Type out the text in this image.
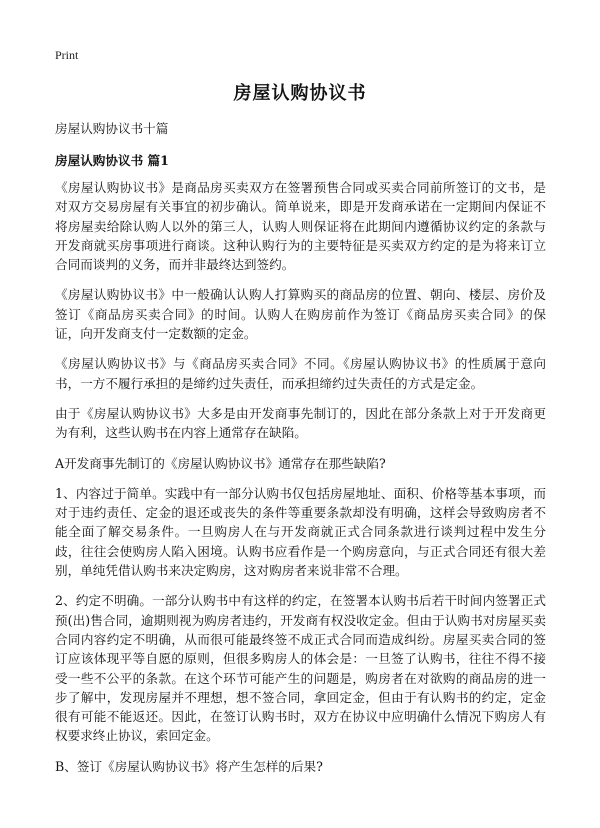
Print
房屋认购协议书

房屋认购协议书十篇

房屋认购协议书 篇1

《房屋认购协议书》是商品房买卖双方在签署预售合同或买卖合同前所签订的文书，是对双方交易房屋有关事宜的初步确认。简单说来，即是开发商承诺在一定期间内保证不将房屋卖给除认购人以外的第三人，认购人则保证将在此期间内遵循协议约定的条款与开发商就买房事项进行商谈。这种认购行为的主要特征是买卖双方约定的是为将来订立合同而谈判的义务，而并非最终达到签约。

《房屋认购协议书》中一般确认认购人打算购买的商品房的位置、朝向、楼层、房价及签订《商品房买卖合同》的时间。认购人在购房前作为签订《商品房买卖合同》的保证，向开发商支付一定数额的定金。

《房屋认购协议书》与《商品房买卖合同》不同。《房屋认购协议书》的性质属于意向书，一方不履行承担的是缔约过失责任，而承担缔约过失责任的方式是定金。

由于《房屋认购协议书》大多是由开发商事先制订的，因此在部分条款上对于开发商更为有利，这些认购书在内容上通常存在缺陷。

A开发商事先制订的《房屋认购协议书》通常存在那些缺陷?

1、内容过于简单。实践中有一部分认购书仅包括房屋地址、面积、价格等基本事项，而对于违约责任、定金的退还或丧失的条件等重要条款却没有明确，这样会导致购房者不能全面了解交易条件。一旦购房人在与开发商就正式合同条款进行谈判过程中发生分歧，往往会使购房人陷入困境。认购书应看作是一个购房意向，与正式合同还有很大差别，单纯凭借认购书来决定购房，这对购房者来说非常不合理。

2、约定不明确。一部分认购书中有这样的约定，在签署本认购书后若干时间内签署正式预(出)售合同，逾期则视为购房者违约，开发商有权没收定金。但由于认购书对房屋买卖合同内容约定不明确，从而很可能最终签不成正式合同而造成纠纷。房屋买卖合同的签订应该体现平等自愿的原则，但很多购房人的体会是：一旦签了认购书，往往不得不接受一些不公平的条款。在这个环节可能产生的问题是，购房者在对欲购的商品房的进一步了解中，发现房屋并不理想，想不签合同，拿回定金，但由于有认购书的约定，定金很有可能不能返还。因此，在签订认购书时，双方在协议中应明确什么情况下购房人有权要求终止协议，索回定金。

B、签订《房屋认购协议书》将产生怎样的后果?
